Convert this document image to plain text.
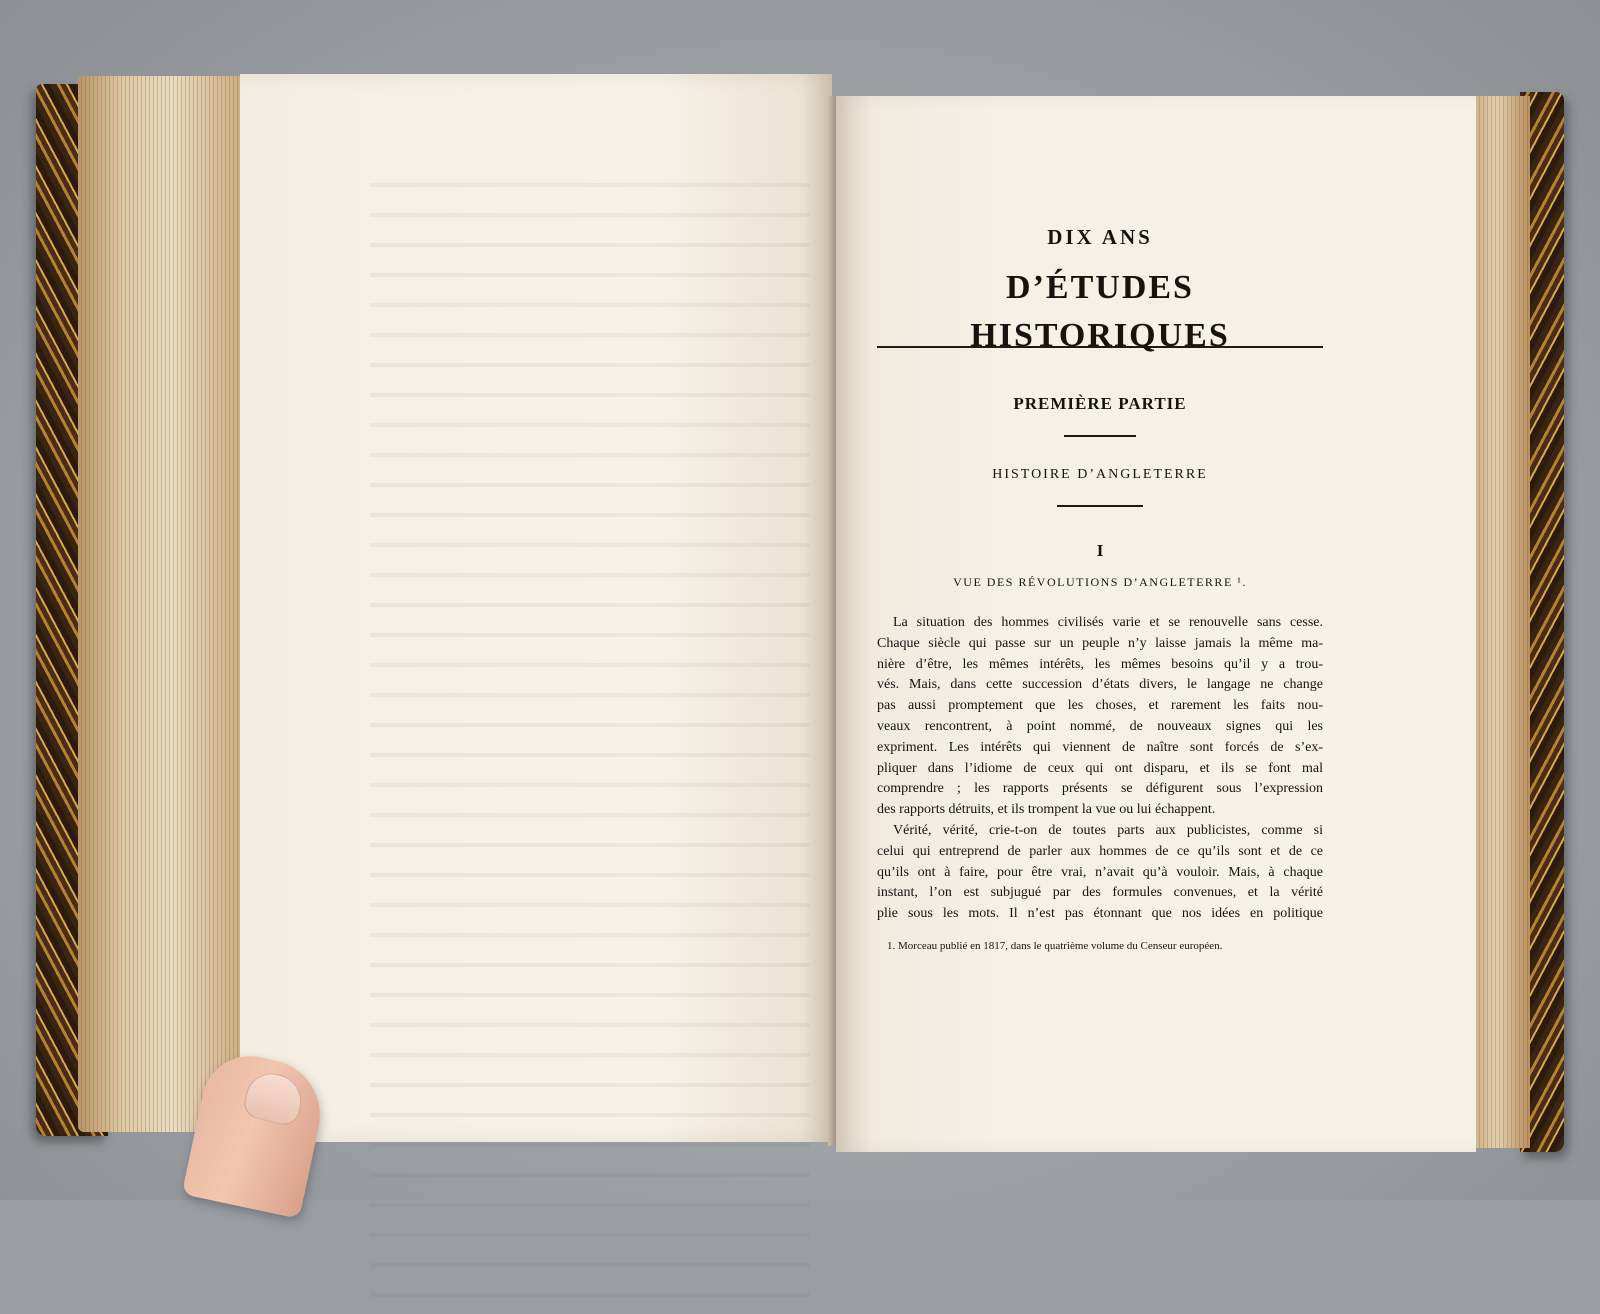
DIX ANS
D’ÉTUDES HISTORIQUES
PREMIÈRE PARTIE
HISTOIRE D’ANGLETERRE
I
VUE DES RÉVOLUTIONS D’ANGLETERRE ¹.
La situation des hommes civilisés varie et se renouvelle sans cesse.
Chaque siècle qui passe sur un peuple n’y laisse jamais la même ma-
nière d’être, les mêmes intérêts, les mêmes besoins qu’il y a trou-
vés. Mais, dans cette succession d’états divers, le langage ne change
pas aussi promptement que les choses, et rarement les faits nou-
veaux rencontrent, à point nommé, de nouveaux signes qui les
expriment. Les intérêts qui viennent de naître sont forcés de s’ex-
pliquer dans l’idiome de ceux qui ont disparu, et ils se font mal
comprendre ; les rapports présents se défigurent sous l’expression
des rapports détruits, et ils trompent la vue ou lui échappent.
Vérité, vérité, crie-t-on de toutes parts aux publicistes, comme si
celui qui entreprend de parler aux hommes de ce qu’ils sont et de ce
qu’ils ont à faire, pour être vrai, n’avait qu’à vouloir. Mais, à chaque
instant, l’on est subjugué par des formules convenues, et la vérité
plie sous les mots. Il n’est pas étonnant que nos idées en politique
1. Morceau publié en 1817, dans le quatrième volume du Censeur européen.
